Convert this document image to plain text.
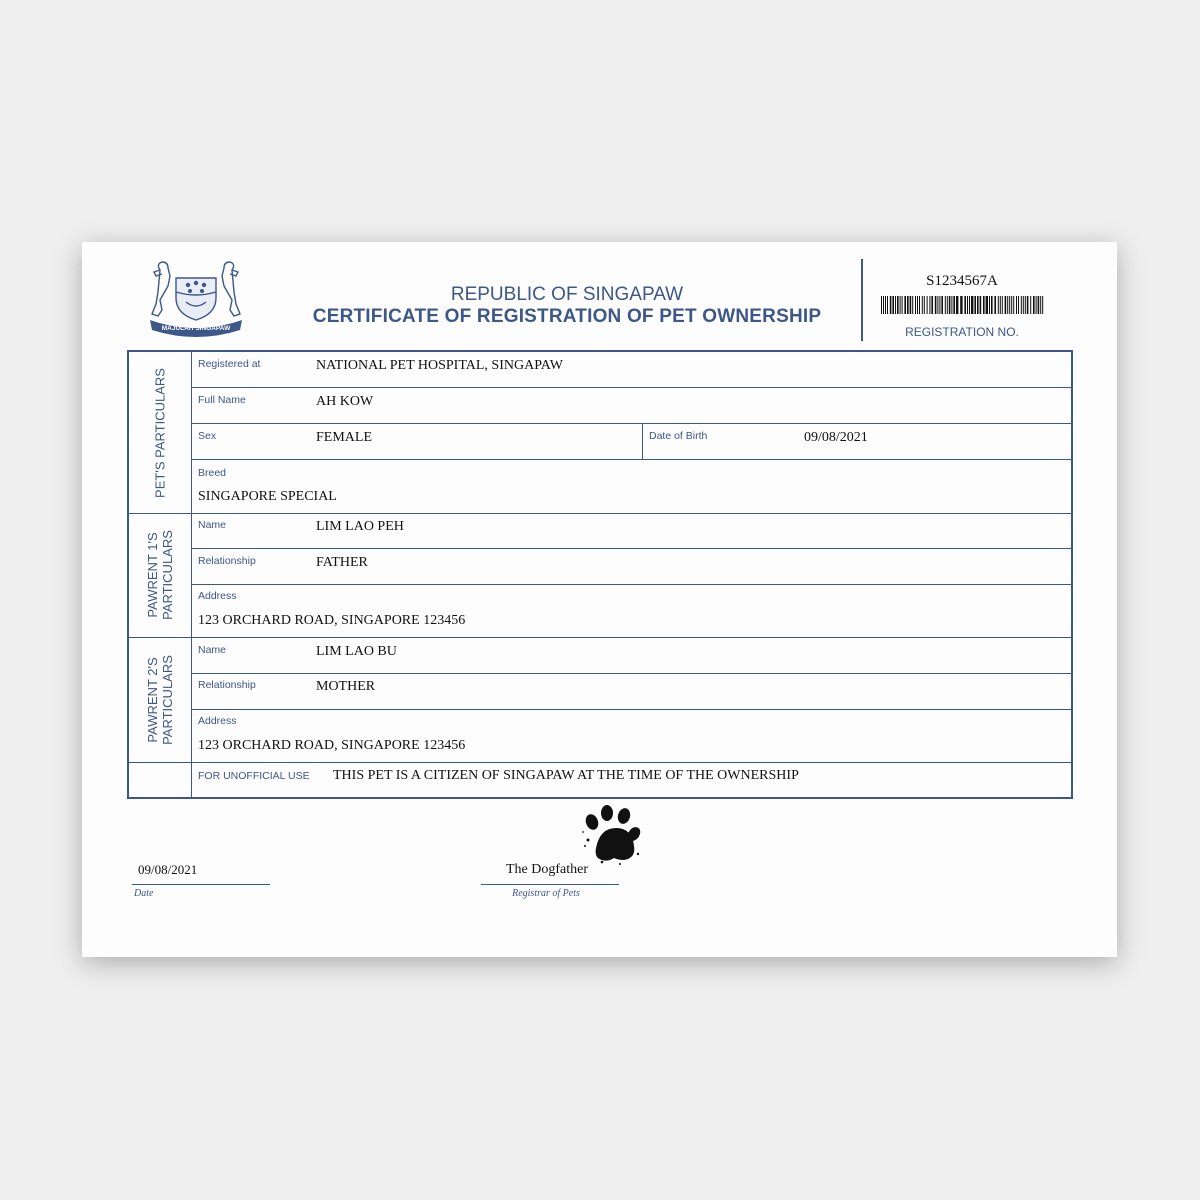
MAJULAH SINGAPAW
REPUBLIC OF SINGAPAW
CERTIFICATE OF REGISTRATION OF PET OWNERSHIP
S1234567A
REGISTRATION NO.
PET'S PARTICULARS
PAWRENT 1'S PARTICULARS
PAWRENT 2'S PARTICULARS
Registered at	NATIONAL PET HOSPITAL, SINGAPAW
Full Name	AH KOW
Sex	FEMALE	Date of Birth	09/08/2021
Breed
SINGAPORE SPECIAL
Name	LIM LAO PEH
Relationship	FATHER
Address
123 ORCHARD ROAD, SINGAPORE 123456
Name	LIM LAO BU
Relationship	MOTHER
Address
123 ORCHARD ROAD, SINGAPORE 123456
FOR UNOFFICIAL USE THIS PET IS A CITIZEN OF SINGAPAW AT THE TIME OF THE OWNERSHIP
09/08/2021
Date
The Dogfather
Registrar of Pets
